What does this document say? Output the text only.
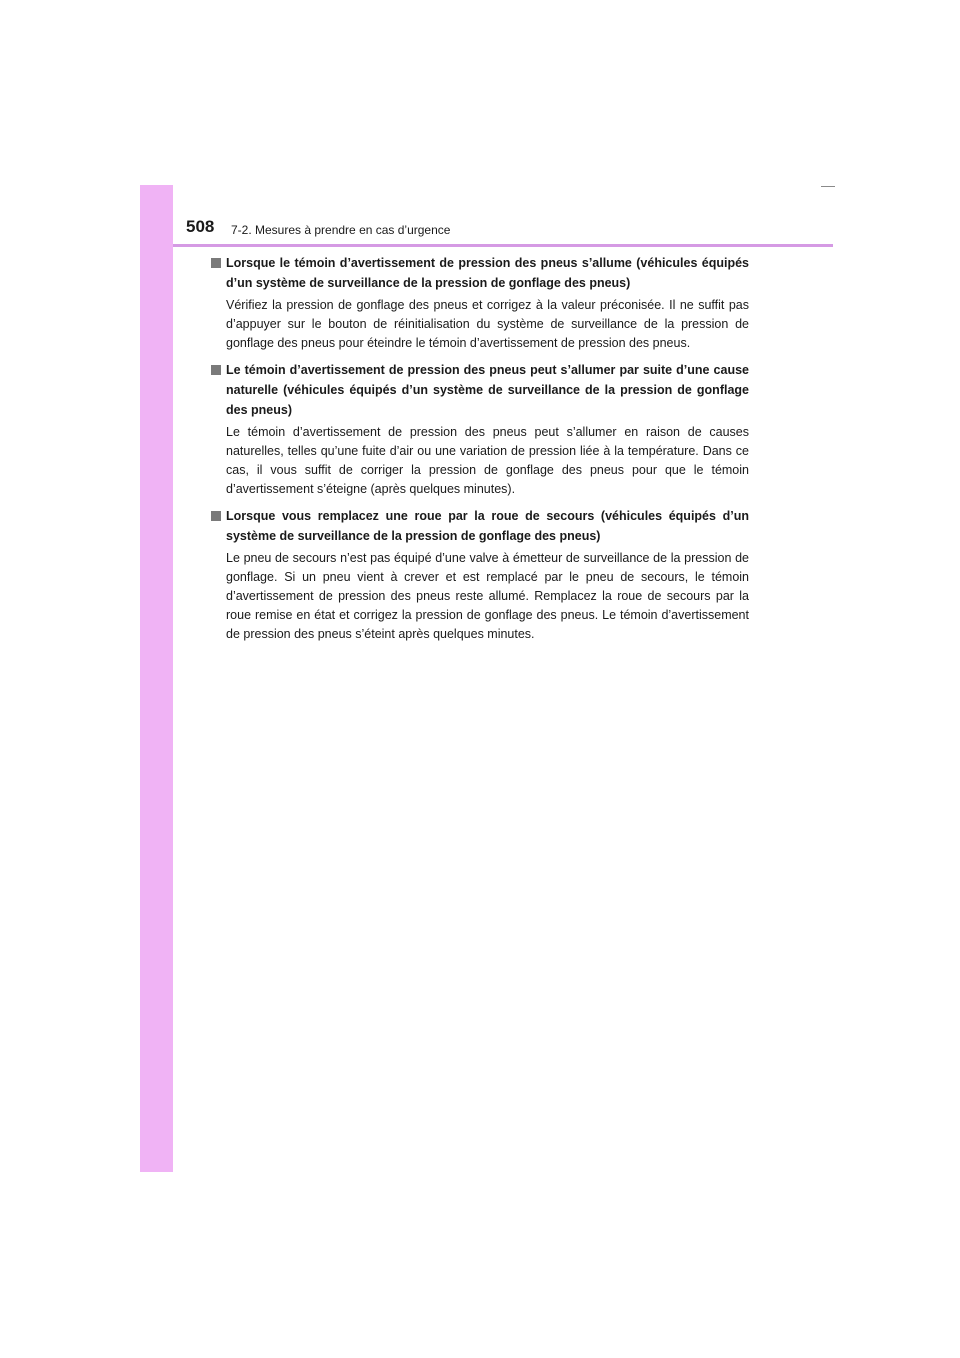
508 7-2. Mesures à prendre en cas d’urgence

Lorsque le témoin d’avertissement de pression des pneus s’allume (véhicules équipés d’un système de surveillance de la pression de gonflage des pneus)

Vérifiez la pression de gonflage des pneus et corrigez à la valeur préconisée. Il ne suffit pas d’appuyer sur le bouton de réinitialisation du système de surveillance de la pression de gonflage des pneus pour éteindre le témoin d’avertissement de pression des pneus.

Le témoin d’avertissement de pression des pneus peut s’allumer par suite d’une cause naturelle (véhicules équipés d’un système de surveillance de la pression de gonflage des pneus)

Le témoin d’avertissement de pression des pneus peut s’allumer en raison de causes naturelles, telles qu’une fuite d’air ou une variation de pression liée à la température. Dans ce cas, il vous suffit de corriger la pression de gonflage des pneus pour que le témoin d’avertissement s’éteigne (après quelques minutes).

Lorsque vous remplacez une roue par la roue de secours (véhicules équipés d’un système de surveillance de la pression de gonflage des pneus)

Le pneu de secours n’est pas équipé d’une valve à émetteur de surveillance de la pression de gonflage. Si un pneu vient à crever et est remplacé par le pneu de secours, le témoin d’avertissement de pression des pneus reste allumé. Remplacez la roue de secours par la roue remise en état et corrigez la pression de gonflage des pneus. Le témoin d’avertissement de pression des pneus s’éteint après quelques minutes.
